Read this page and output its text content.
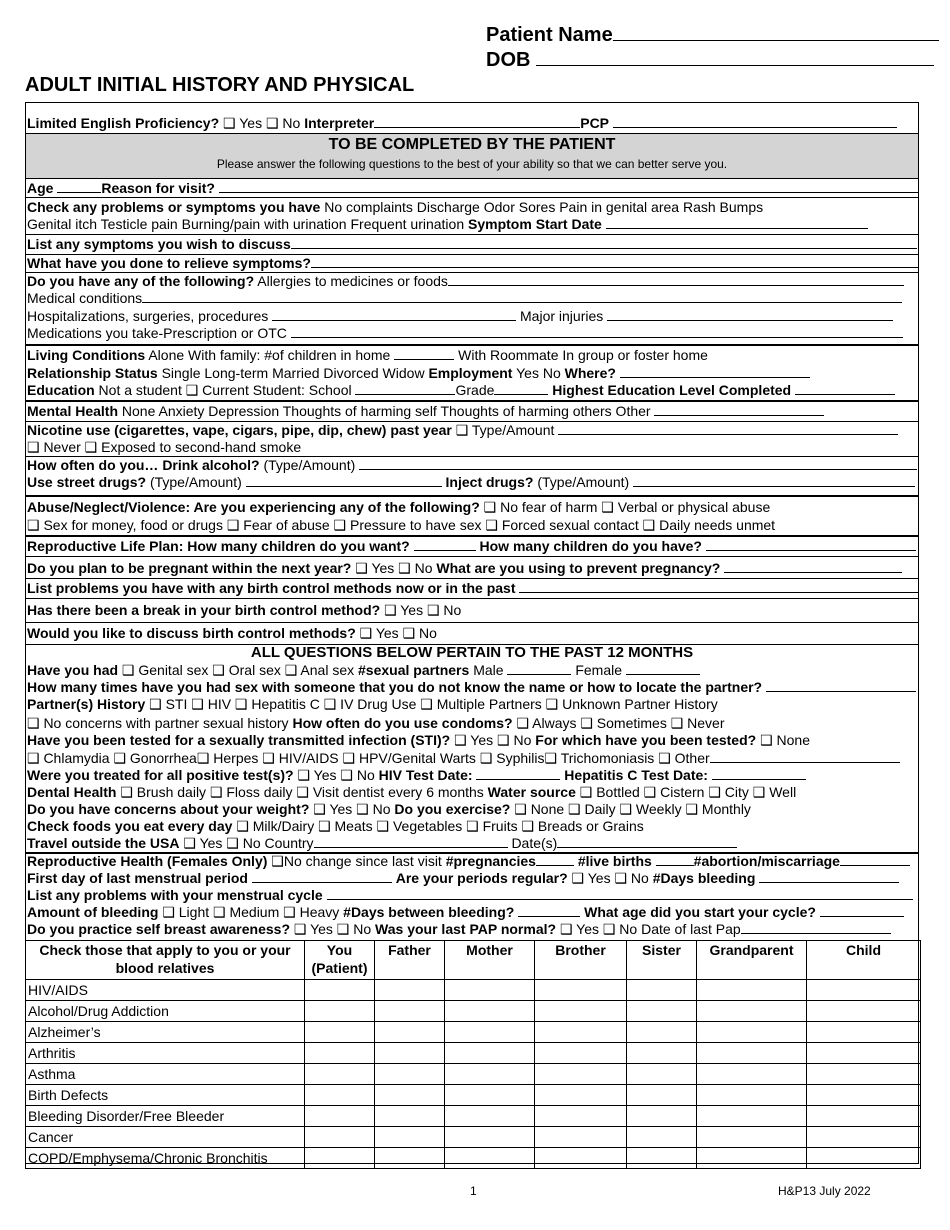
Patient Name
DOB
ADULT INITIAL HISTORY AND PHYSICAL
Limited English Proficiency? ❑ Yes ❑ No Interpreter	PCP
TO BE COMPLETED BY THE PATIENT
Please answer the following questions to the best of your ability so that we can better serve you.
Age	Reason for visit?
Check any problems or symptoms you have No complaints Discharge Odor Sores Pain in genital area Rash Bumps
Genital itch Testicle pain Burning/pain with urination Frequent urination Symptom Start Date
List any symptoms you wish to discuss
What have you done to relieve symptoms?
Do you have any of the following? Allergies to medicines or foods
Medical conditions
Hospitalizations, surgeries, procedures	Major injuries
Medications you take-Prescription or OTC
Living Conditions Alone With family: #of children in home	With Roommate In group or foster home
Relationship Status Single Long-term Married Divorced Widow Employment Yes No Where?
Education Not a student ❑ Current Student: School	Grade	Highest Education Level Completed
Mental Health None Anxiety Depression Thoughts of harming self Thoughts of harming others Other
Nicotine use (cigarettes, vape, cigars, pipe, dip, chew) past year ❑ Type/Amount
❑ Never ❑ Exposed to second-hand smoke
How often do you… Drink alcohol? (Type/Amount)
Use street drugs? (Type/Amount)	Inject drugs? (Type/Amount)
Abuse/Neglect/Violence: Are you experiencing any of the following? ❑ No fear of harm ❑ Verbal or physical abuse
❑ Sex for money, food or drugs ❑ Fear of abuse ❑ Pressure to have sex ❑ Forced sexual contact ❑ Daily needs unmet
Reproductive Life Plan: How many children do you want?	How many children do you have?
Do you plan to be pregnant within the next year? ❑ Yes ❑ No What are you using to prevent pregnancy?
List problems you have with any birth control methods now or in the past
Has there been a break in your birth control method? ❑ Yes ❑ No
Would you like to discuss birth control methods? ❑ Yes ❑ No
ALL QUESTIONS BELOW PERTAIN TO THE PAST 12 MONTHS
Have you had ❑ Genital sex ❑ Oral sex ❑ Anal sex #sexual partners Male	Female
How many times have you had sex with someone that you do not know the name or how to locate the partner?
Partner(s) History ❑ STI ❑ HIV ❑ Hepatitis C ❑ IV Drug Use ❑ Multiple Partners ❑ Unknown Partner History
❑ No concerns with partner sexual history How often do you use condoms? ❑ Always ❑ Sometimes ❑ Never
Have you been tested for a sexually transmitted infection (STI)? ❑ Yes ❑ No For which have you been tested? ❑ None
❑ Chlamydia ❑ Gonorrhea❑ Herpes ❑ HIV/AIDS ❑ HPV/Genital Warts ❑ Syphilis❑ Trichomoniasis ❑ Other
Were you treated for all positive test(s)? ❑ Yes ❑ No HIV Test Date:	Hepatitis C Test Date:
Dental Health ❑ Brush daily ❑ Floss daily ❑ Visit dentist every 6 months Water source ❑ Bottled ❑ Cistern ❑ City ❑ Well
Do you have concerns about your weight? ❑ Yes ❑ No Do you exercise? ❑ None ❑ Daily ❑ Weekly ❑ Monthly
Check foods you eat every day ❑ Milk/Dairy ❑ Meats ❑ Vegetables ❑ Fruits ❑ Breads or Grains
Travel outside the USA ❑ Yes ❑ No Country	Date(s)
Reproductive Health (Females Only) ❑No change since last visit #pregnancies	#live births	#abortion/miscarriage
First day of last menstrual period	Are your periods regular? ❑ Yes ❑ No #Days bleeding
List any problems with your menstrual cycle
Amount of bleeding ❑ Light ❑ Medium ❑ Heavy #Days between bleeding?	What age did you start your cycle?
Do you practice self breast awareness? ❑ Yes ❑ No Was your last PAP normal? ❑ Yes ❑ No Date of last Pap
Check those that apply to you or your blood relatives	You (Patient)	Father	Mother	Brother	Sister	Grandparent	Child
HIV/AIDS							
Alcohol/Drug Addiction							
Alzheimer’s							
Arthritis							
Asthma							
Birth Defects							
Bleeding Disorder/Free Bleeder							
Cancer							
COPD/Emphysema/Chronic Bronchitis							
1	H&P13 July 2022
